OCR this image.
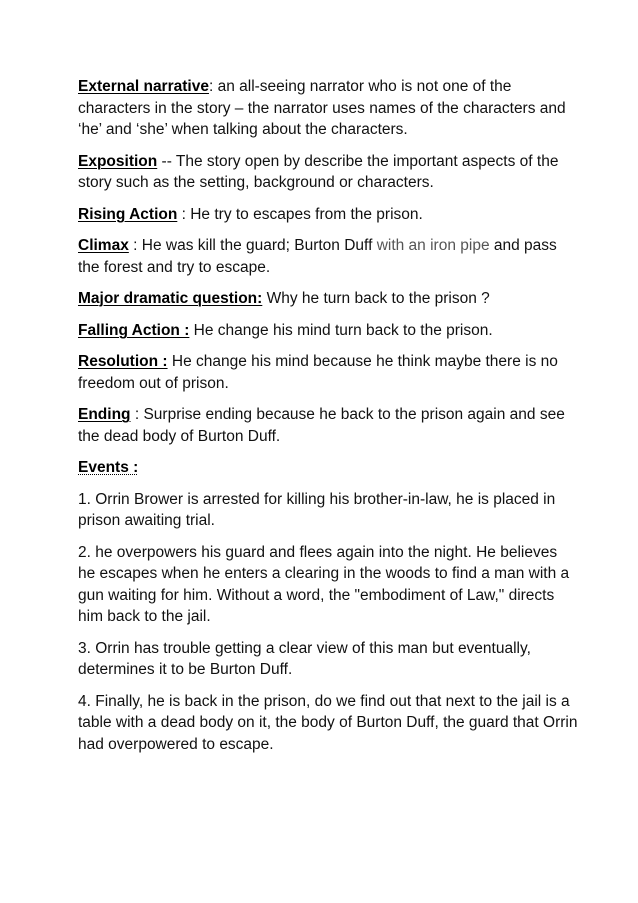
External narrative: an all-seeing narrator who is not one of the characters in the story – the narrator uses names of the characters and ‘he’ and ‘she’ when talking about the characters.

Exposition -- The story open by describe the important aspects of the story such as the setting, background or characters.

Rising Action : He try to escapes from the prison.

Climax : He was kill the guard; Burton Duff with an iron pipe and pass the forest and try to escape.

Major dramatic question: Why he turn back to the prison ?

Falling Action : He change his mind turn back to the prison.

Resolution : He change his mind because he think maybe there is no freedom out of prison.

Ending : Surprise ending because he back to the prison again and see the dead body of Burton Duff.

Events :

1. Orrin Brower is arrested for killing his brother-in-law, he is placed in prison awaiting trial.

2. he overpowers his guard and flees again into the night. He believes he escapes when he enters a clearing in the woods to find a man with a gun waiting for him. Without a word, the "embodiment of Law," directs him back to the jail.

3. Orrin has trouble getting a clear view of this man but eventually, determines it to be Burton Duff.

4. Finally, he is back in the prison, do we find out that next to the jail is a table with a dead body on it, the body of Burton Duff, the guard that Orrin had overpowered to escape.
